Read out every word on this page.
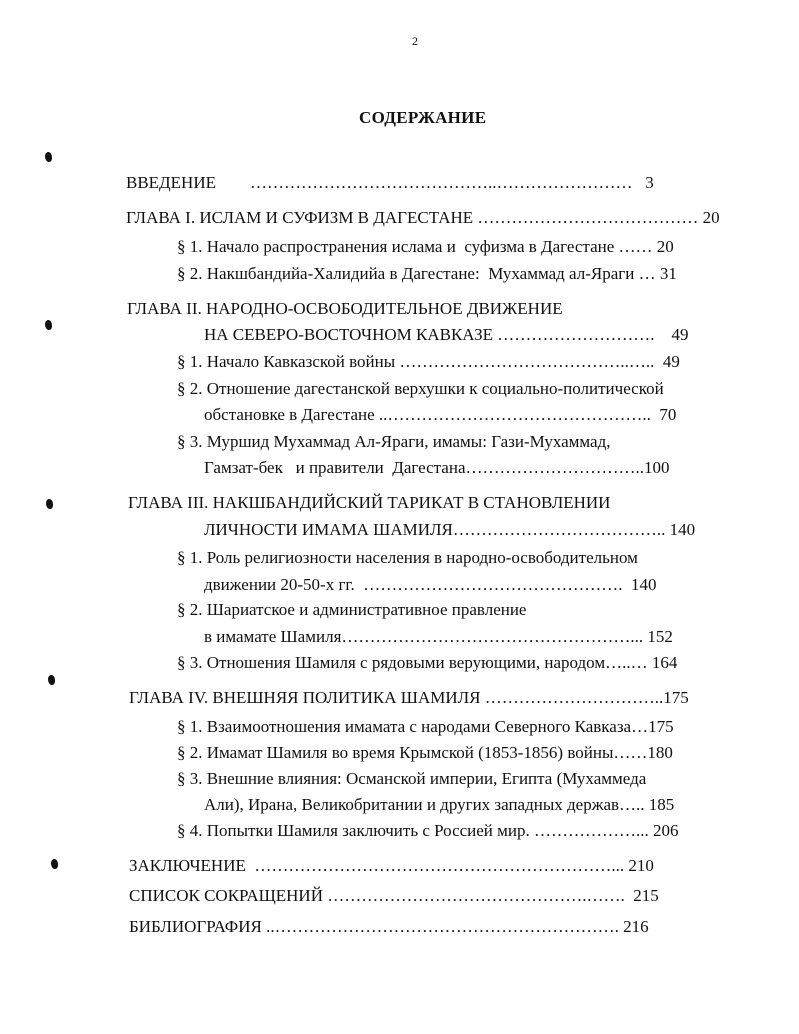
2
СОДЕРЖАНИЕ
ВВЕДЕНИЕ        ……………………………………..……………………   3
ГЛАВА I. ИСЛАМ И СУФИЗМ В ДАГЕСТАНЕ ………………………………… 20
§ 1. Начало распространения ислама и  суфизма в Дагестане …… 20
§ 2. Накшбандийа-Халидийа в Дагестане:  Мухаммад ал-Яраги … 31
ГЛАВА II. НАРОДНО-ОСВОБОДИТЕЛЬНОЕ ДВИЖЕНИЕ
НА СЕВЕРО-ВОСТОЧНОМ КАВКАЗЕ ……………………….    49
§ 1. Начало Кавказской войны …………………………………..…..  49
§ 2. Отношение дагестанской верхушки к социально-политической
обстановке в Дагестане ..………………………………………..  70
§ 3. Муршид Мухаммад Ал-Яраги, имамы: Гази-Мухаммад,
Гамзат-бек   и правители  Дагестана…………………………..100
ГЛАВА III. НАКШБАНДИЙСКИЙ ТАРИКАТ В СТАНОВЛЕНИИ
ЛИЧНОСТИ ИМАМА ШАМИЛЯ……………………………….. 140
§ 1. Роль религиозности населения в народно-освободительном
движении 20-50-х гг.  ……………………………………….  140
§ 2. Шариатское и административное правление
в имамате Шамиля……………………………………………... 152
§ 3. Отношения Шамиля с рядовыми верующими, народом…..… 164
ГЛАВА IV. ВНЕШНЯЯ ПОЛИТИКА ШАМИЛЯ …………………………..175
§ 1. Взаимоотношения имамата с народами Северного Кавказа…175
§ 2. Имамат Шамиля во время Крымской (1853-1856) войны……180
§ 3. Внешние влияния: Османской империи, Египта (Мухаммеда
Али), Ирана, Великобритании и других западных держав….. 185
§ 4. Попытки Шамиля заключить с Россией мир. ………………... 206
ЗАКЛЮЧЕНИЕ  ………………………………………………………... 210
СПИСОК СОКРАЩЕНИЙ ……………………………………….…….  215
БИБЛИОГРАФИЯ ..……………………………………………………. 216
